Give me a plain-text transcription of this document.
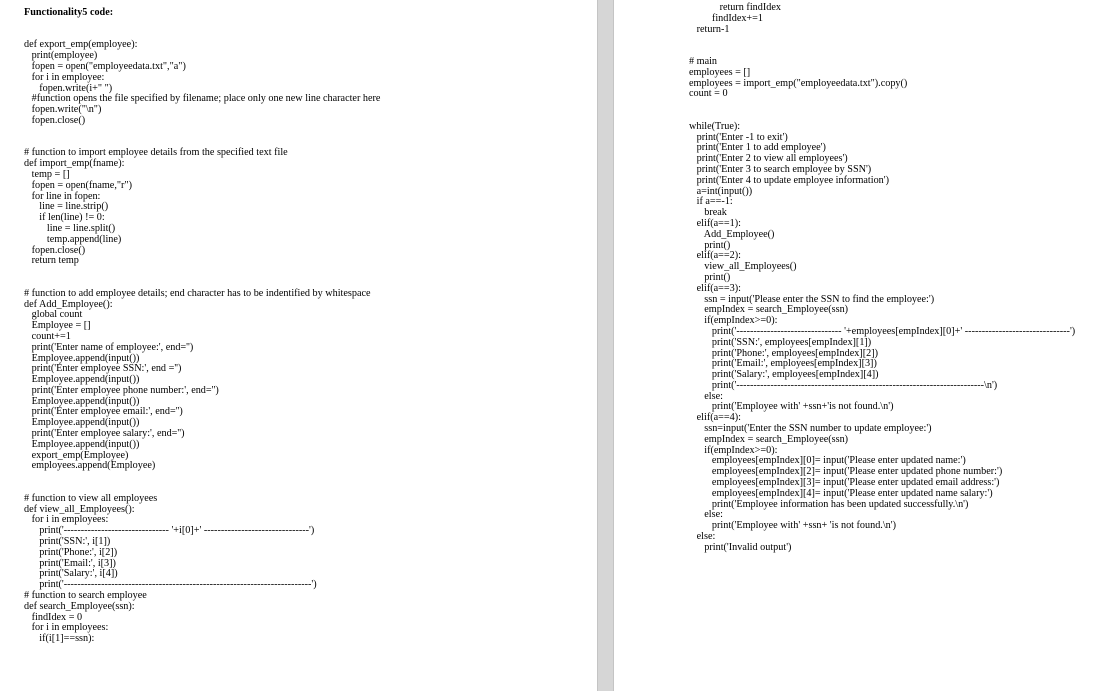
Functionality5 code:

def export_emp(employee):
print(employee)
fopen = open("employeedata.txt","a")
for i in employee:
fopen.write(i+" ")
#function opens the file specified by filename; place only one new line character here
fopen.write("\n")
fopen.close()

# function to import employee details from the specified text file
def import_emp(fname):
temp = []
fopen = open(fname,"r")
for line in fopen:
line = line.strip()
if len(line) != 0:
line = line.split()
temp.append(line)
fopen.close()
return temp

# function to add employee details; end character has to be indentified by whitespace
def Add_Employee():
global count
Employee = []
count+=1
print('Enter name of employee:', end='')
Employee.append(input())
print('Enter employee SSN:', end ='')
Employee.append(input())
print('Enter employee phone number:', end='')
Employee.append(input())
print('Enter employee email:', end='')
Employee.append(input())
print('Enter employee salary:', end='')
Employee.append(input())
export_emp(Employee)
employees.append(Employee)

# function to view all employees
def view_all_Employees():
for i in employees:
print('------------------------------- '+i[0]+' -------------------------------')
print('SSN:', i[1])
print('Phone:', i[2])
print('Email:', i[3])
print('Salary:', i[4])
print('-------------------------------------------------------------------------')
# function to search employee
def search_Employee(ssn):
findIdex = 0
for i in employees:
if(i[1]==ssn):
return findIdex
findIdex+=1
return-1

# main
employees = []
employees = import_emp("employeedata.txt").copy()
count = 0

while(True):
print('Enter -1 to exit')
print('Enter 1 to add employee')
print('Enter 2 to view all employees')
print('Enter 3 to search employee by SSN')
print('Enter 4 to update employee information')
a=int(input())
if a==-1:
break
elif(a==1):
Add_Employee()
print()
elif(a==2):
view_all_Employees()
print()
elif(a==3):
ssn = input('Please enter the SSN to find the employee:')
empIndex = search_Employee(ssn)
if(empIndex>=0):
print('------------------------------- '+employees[empIndex][0]+' -------------------------------')
print('SSN:', employees[empIndex][1])
print('Phone:', employees[empIndex][2])
print('Email:', employees[empIndex][3])
print('Salary:', employees[empIndex][4])
print('-------------------------------------------------------------------------\n')
else:
print('Employee with' +ssn+'is not found.\n')
elif(a==4):
ssn=input('Enter the SSN number to update employee:')
empIndex = search_Employee(ssn)
if(empIndex>=0):
employees[empIndex][0]= input('Please enter updated name:')
employees[empIndex][2]= input('Please enter updated phone number:')
employees[empIndex][3]= input('Please enter updated email address:')
employees[empIndex][4]= input('Please enter updated name salary:')
print('Employee information has been updated successfully.\n')
else:
print('Employee with' +ssn+ 'is not found.\n')
else:
print('Invalid output')
